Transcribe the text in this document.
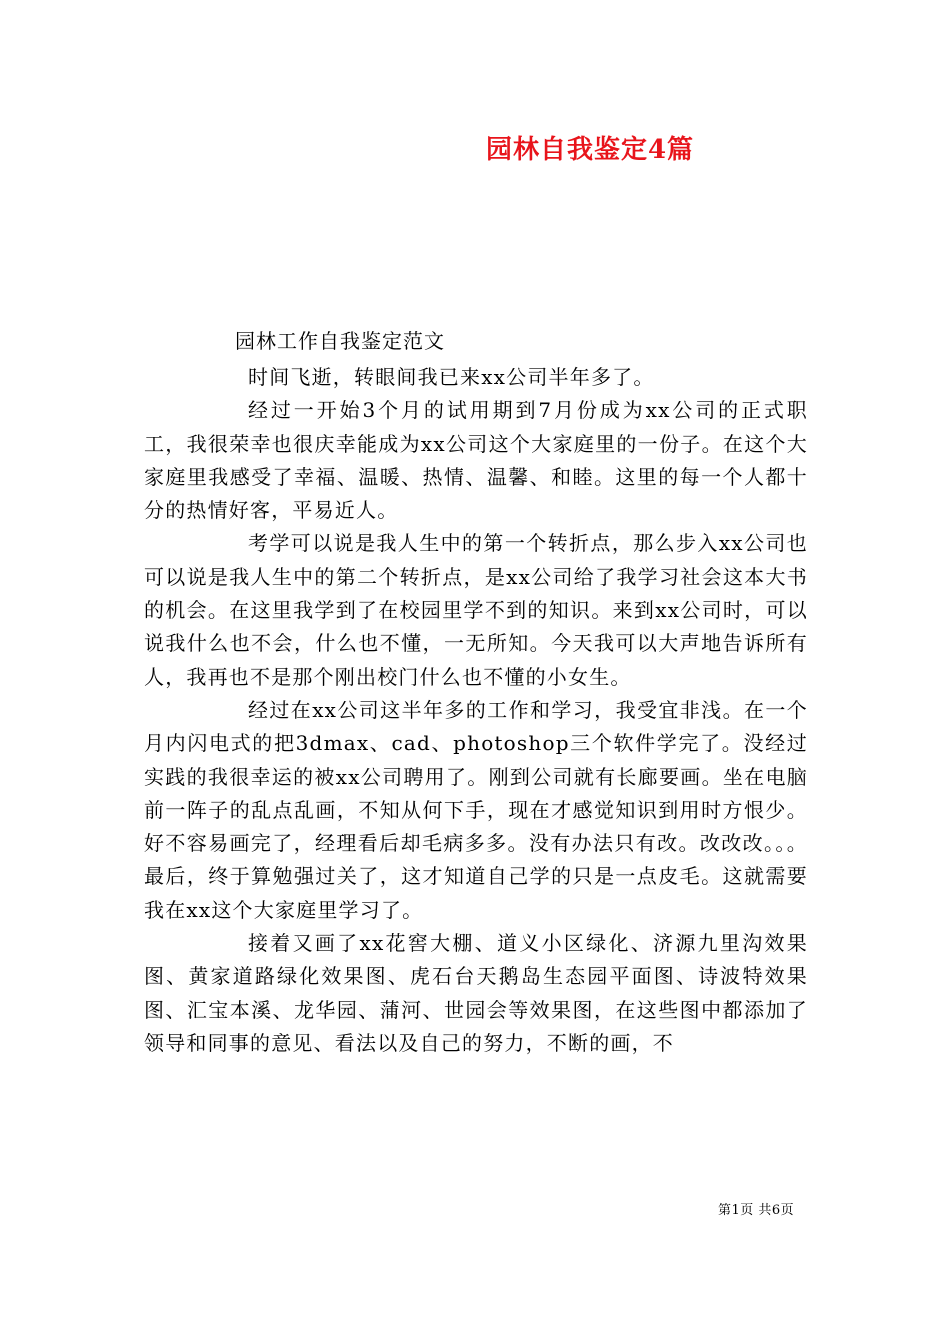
园林自我鉴定4篇
园林工作自我鉴定范文

时间飞逝，转眼间我已来xx公司半年多了。

经过一开始3个月的试用期到7月份成为xx公司的正式职工，我很荣幸也很庆幸能成为xx公司这个大家庭里的一份子。在这个大家庭里我感受了幸福、温暖、热情、温馨、和睦。这里的每一个人都十分的热情好客，平易近人。

考学可以说是我人生中的第一个转折点，那么步入xx公司也可以说是我人生中的第二个转折点，是xx公司给了我学习社会这本大书的机会。在这里我学到了在校园里学不到的知识。来到xx公司时，可以说我什么也不会，什么也不懂，一无所知。今天我可以大声地告诉所有人，我再也不是那个刚出校门什么也不懂的小女生。

经过在xx公司这半年多的工作和学习，我受宜非浅。在一个月内闪电式的把3dmax、cad、photoshop三个软件学完了。没经过实践的我很幸运的被xx公司聘用了。刚到公司就有长廊要画。坐在电脑前一阵子的乱点乱画，不知从何下手，现在才感觉知识到用时方恨少。好不容易画完了，经理看后却毛病多多。没有办法只有改。改改改。。。最后，终于算勉强过关了，这才知道自己学的只是一点皮毛。这就需要我在xx这个大家庭里学习了。

接着又画了xx花窖大棚、道义小区绿化、济源九里沟效果图、黄家道路绿化效果图、虎石台天鹅岛生态园平面图、诗波特效果图、汇宝本溪、龙华园、蒲河、世园会等效果图，在这些图中都添加了领导和同事的意见、看法以及自己的努力，不断的画，不

第1页 共6页
